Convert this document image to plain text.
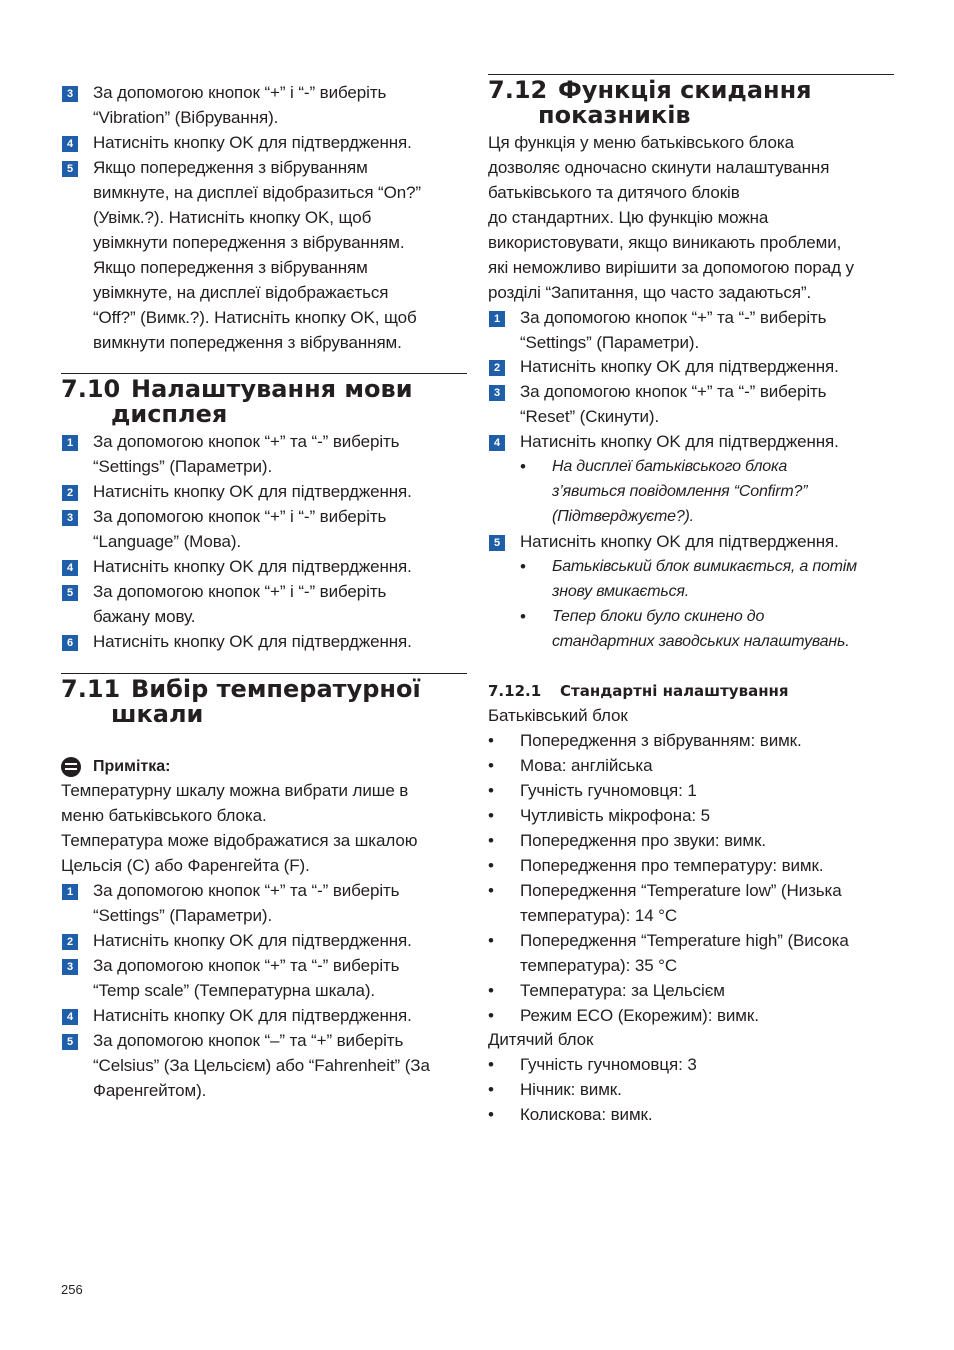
3 За допомогою кнопок “+” і “-” виберіть
“Vibration” (Вібрування).
4 Натисніть кнопку OK для підтвердження.
5 Якщо попередження з вібруванням
вимкнуте, на дисплеї відобразиться “On?”
(Увімк.?). Натисніть кнопку OK, щоб
увімкнути попередження з вібруванням.
Якщо попередження з вібруванням
увімкнуте, на дисплеї відображається
“Off?” (Вимк.?). Натисніть кнопку OK, щоб
вимкнути попередження з вібруванням.
7.10 Налаштування мови
дисплея
1 За допомогою кнопок “+” та “-” виберіть
“Settings” (Параметри).
2 Натисніть кнопку OK для підтвердження.
3 За допомогою кнопок “+” і “-” виберіть
“Language” (Мова).
4 Натисніть кнопку OK для підтвердження.
5 За допомогою кнопок “+” і “-” виберіть
бажану мову.
6 Натисніть кнопку OK для підтвердження.
7.11 Вибір температурної
шкали
Примітка:
Температурну шкалу можна вибрати лише в
меню батьківського блока.
Температура може відображатися за шкалою
Цельсія (C) або Фаренгейта (F).
1 За допомогою кнопок “+” та “-” виберіть
“Settings” (Параметри).
2 Натисніть кнопку OK для підтвердження.
3 За допомогою кнопок “+” та “-” виберіть
“Temp scale” (Температурна шкала).
4 Натисніть кнопку OK для підтвердження.
5 За допомогою кнопок “–” та “+” виберіть
“Celsius” (За Цельсієм) або “Fahrenheit” (За
Фаренгейтом).
7.12 Функція скидання
показників
Ця функція у меню батьківського блока
дозволяє одночасно скинути налаштування
батьківського та дитячого блоків
до стандартних. Цю функцію можна
використовувати, якщо виникають проблеми,
які неможливо вирішити за допомогою порад у
розділі “Запитання, що часто задаються”.
1 За допомогою кнопок “+” та “-” виберіть
“Settings” (Параметри).
2 Натисніть кнопку OK для підтвердження.
3 За допомогою кнопок “+” та “-” виберіть
“Reset” (Скинути).
4 Натисніть кнопку OK для підтвердження.
• На дисплеї батьківського блока
з’явиться повідомлення “Confirm?”
(Підтверджуєте?).
5 Натисніть кнопку OK для підтвердження.
• Батьківський блок вимикається, а потім
знову вмикається.
• Тепер блоки було скинено до
стандартних заводських налаштувань.
7.12.1 Стандартні налаштування
Батьківський блок
• Попередження з вібруванням: вимк.
• Мова: англійська
• Гучність гучномовця: 1
• Чутливість мікрофона: 5
• Попередження про звуки: вимк.
• Попередження про температуру: вимк.
• Попередження “Temperature low” (Низька
температура): 14 °C
• Попередження “Temperature high” (Висока
температура): 35 °C
• Температура: за Цельсієм
• Режим ECO (Екорежим): вимк.
Дитячий блок
• Гучність гучномовця: 3
• Нічник: вимк.
• Колискова: вимк.
256
